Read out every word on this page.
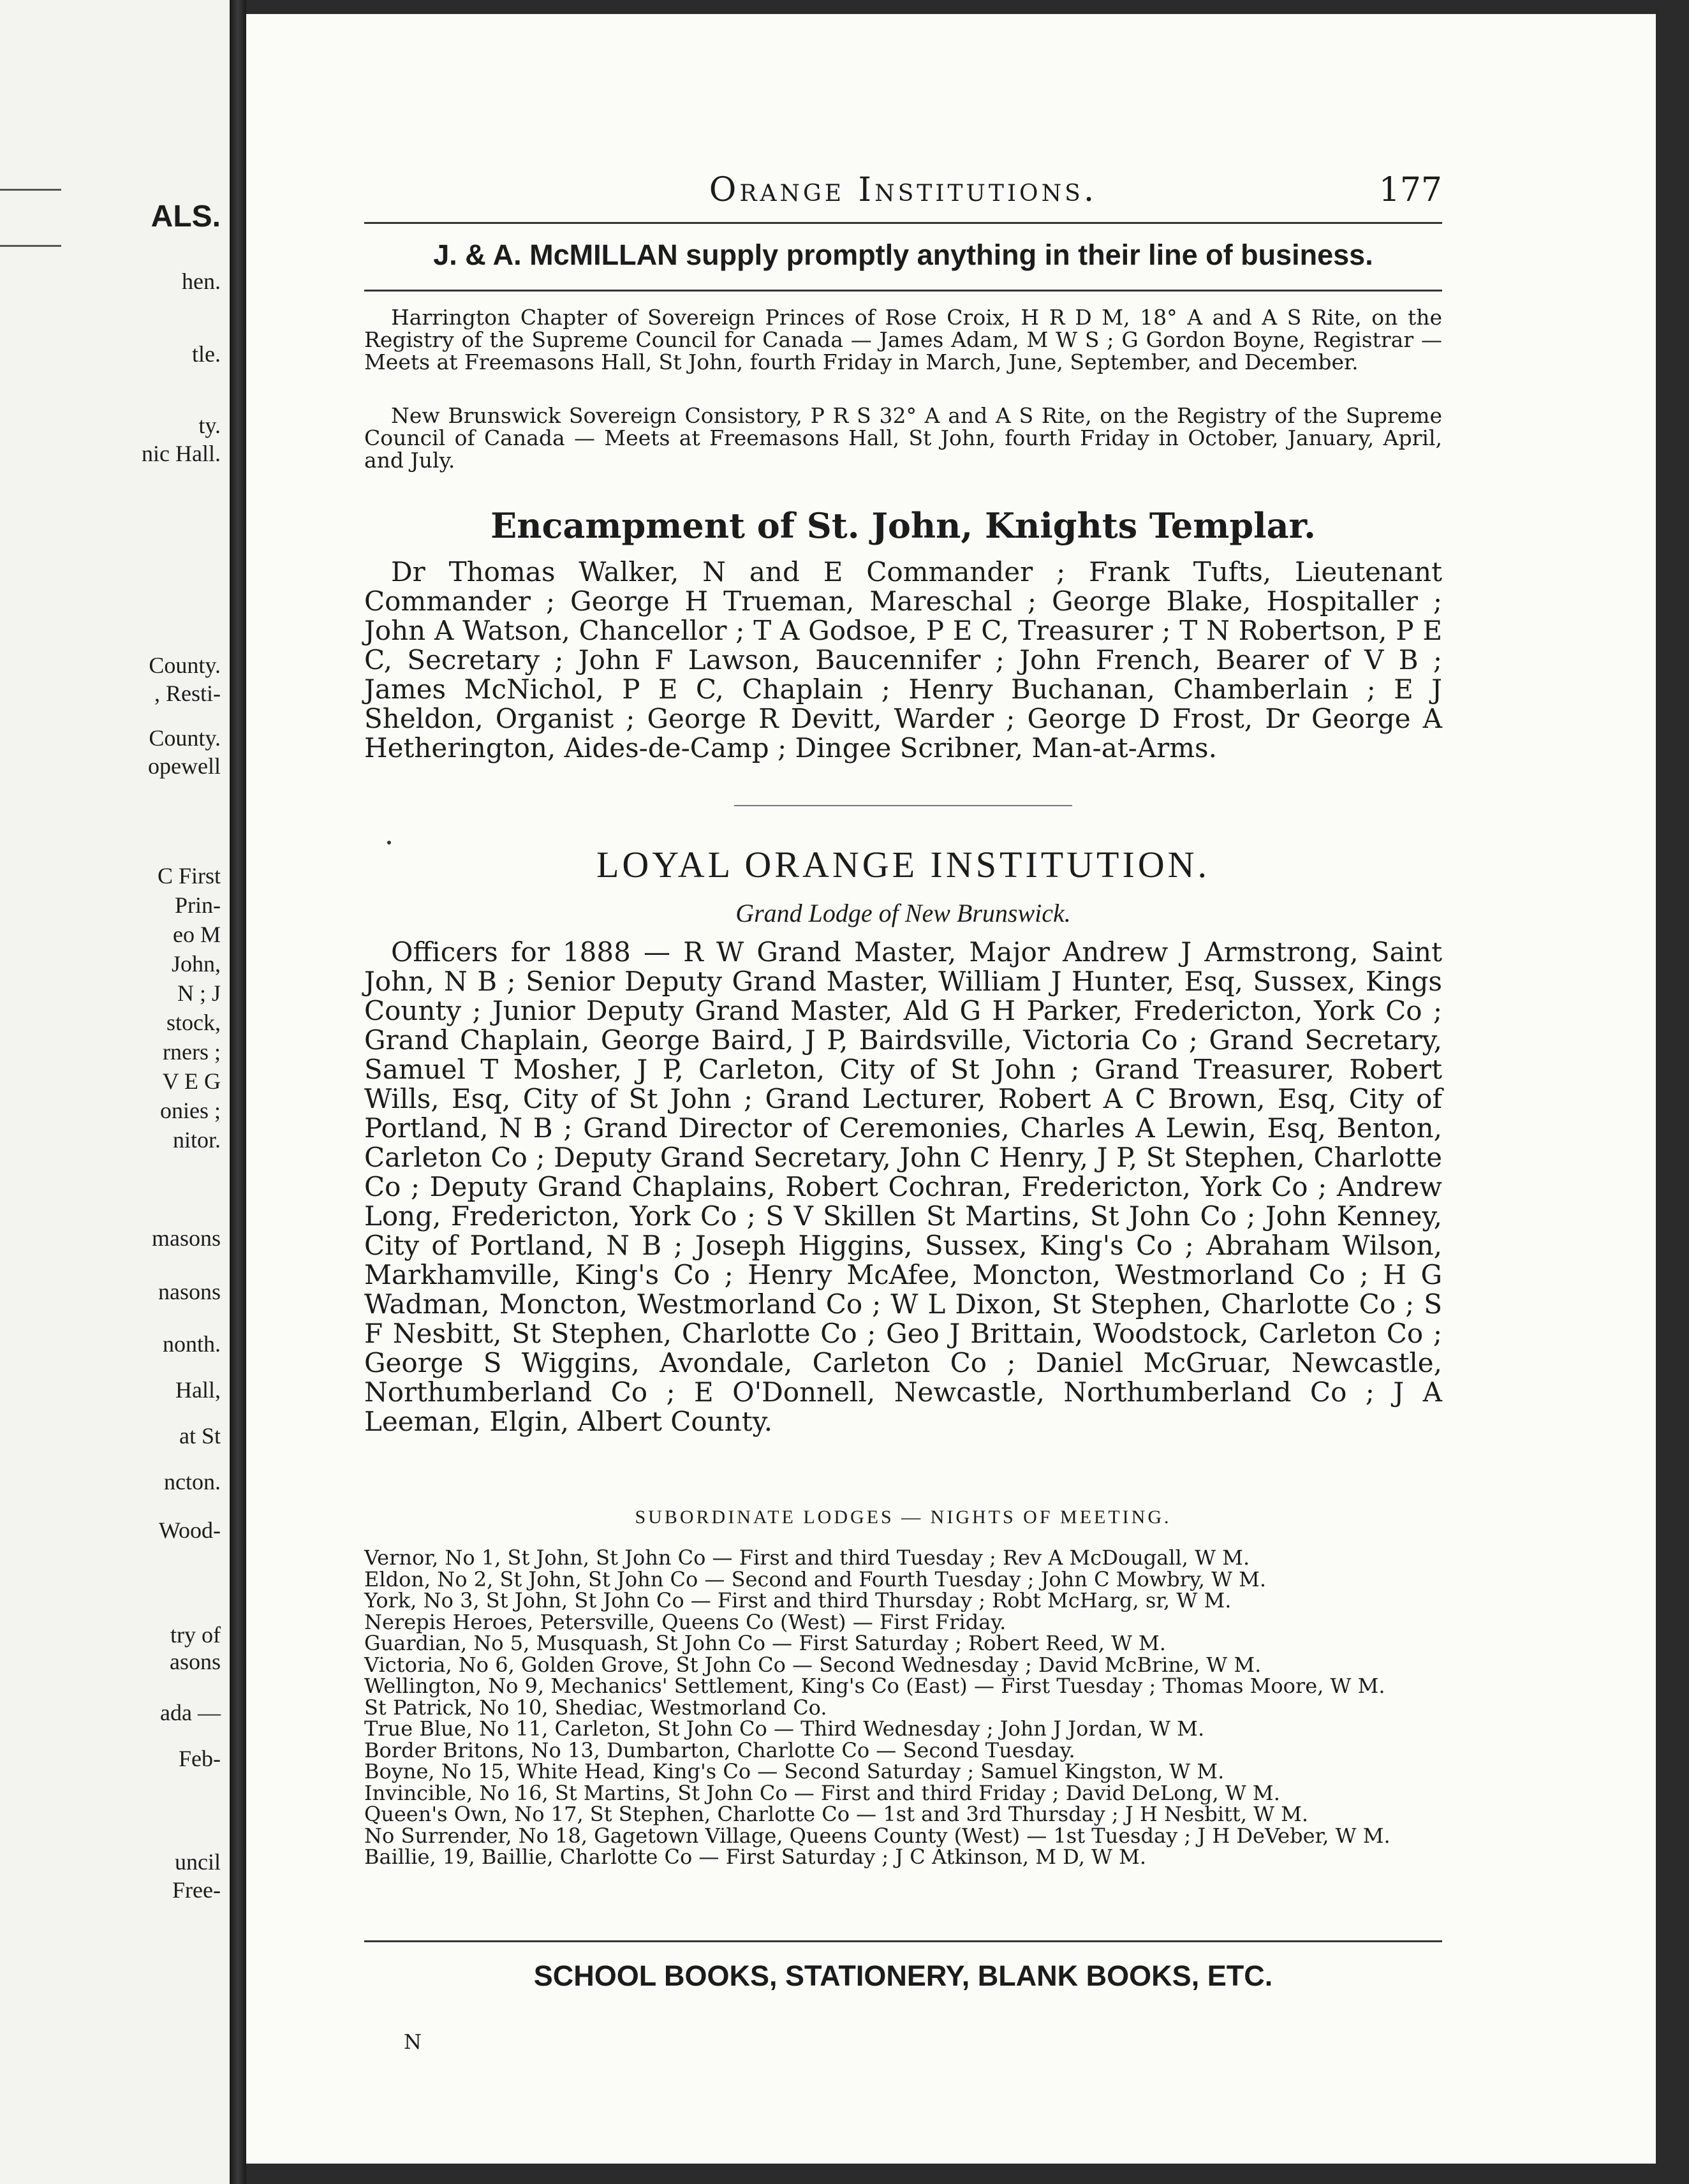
ALS.
hen.
tle.
ty.
nic Hall.
County.
, Resti-
County.
opewell
C First
Prin-
eo M
John,
N ; J
stock,
rners ;
V E G
onies ;
nitor.
masons
nasons
nonth.
Hall,
at St
ncton.
Wood-
try of
asons
ada —
Feb-
uncil
Free-
Orange Institutions.	177
J. & A. McMILLAN supply promptly anything in their line of business.
Harrington Chapter of Sovereign Princes of Rose Croix, H R D M, 18° A and A S Rite, on the Registry of the Supreme Council for Canada — James Adam, M W S ; G Gordon Boyne, Registrar — Meets at Freemasons Hall, St John, fourth Friday in March, June, September, and December.
New Brunswick Sovereign Consistory, P R S 32° A and A S Rite, on the Registry of the Supreme Council of Canada — Meets at Freemasons Hall, St John, fourth Friday in October, January, April, and July.
Encampment of St. John, Knights Templar.
Dr Thomas Walker, N and E Commander ; Frank Tufts, Lieutenant Commander ; George H Trueman, Mareschal ; George Blake, Hospitaller ; John A Watson, Chancellor ; T A Godsoe, P E C, Treasurer ; T N Robertson, P E C, Secretary ; John F Lawson, Baucennifer ; John French, Bearer of V B ; James McNichol, P E C, Chaplain ; Henry Buchanan, Chamberlain ; E J Sheldon, Organist ; George R Devitt, Warder ; George D Frost, Dr George A Hetherington, Aides-de-Camp ; Dingee Scribner, Man-at-Arms.
LOYAL ORANGE INSTITUTION.
Grand Lodge of New Brunswick.
Officers for 1888 — R W Grand Master, Major Andrew J Armstrong, Saint John, N B ; Senior Deputy Grand Master, William J Hunter, Esq, Sussex, Kings County ; Junior Deputy Grand Master, Ald G H Parker, Fredericton, York Co ; Grand Chaplain, George Baird, J P, Bairdsville, Victoria Co ; Grand Secretary, Samuel T Mosher, J P, Carleton, City of St John ; Grand Treasurer, Robert Wills, Esq, City of St John ; Grand Lecturer, Robert A C Brown, Esq, City of Portland, N B ; Grand Director of Ceremonies, Charles A Lewin, Esq, Benton, Carleton Co ; Deputy Grand Secretary, John C Henry, J P, St Stephen, Charlotte Co ; Deputy Grand Chaplains, Robert Cochran, Fredericton, York Co ; Andrew Long, Fredericton, York Co ; S V Skillen St Martins, St John Co ; John Kenney, City of Portland, N B ; Joseph Higgins, Sussex, King's Co ; Abraham Wilson, Markhamville, King's Co ; Henry McAfee, Moncton, Westmorland Co ; H G Wadman, Moncton, Westmorland Co ; W L Dixon, St Stephen, Charlotte Co ; S F Nesbitt, St Stephen, Charlotte Co ; Geo J Brittain, Woodstock, Carleton Co ; George S Wiggins, Avondale, Carleton Co ; Daniel McGruar, Newcastle, Northumberland Co ; E O'Donnell, Newcastle, Northumberland Co ; J A Leeman, Elgin, Albert County.
SUBORDINATE LODGES — NIGHTS OF MEETING.
Vernor, No 1, St John, St John Co — First and third Tuesday ; Rev A McDougall, W M.
Eldon, No 2, St John, St John Co — Second and Fourth Tuesday ; John C Mowbry, W M.
York, No 3, St John, St John Co — First and third Thursday ; Robt McHarg, sr, W M.
Nerepis Heroes, Petersville, Queens Co (West) — First Friday.
Guardian, No 5, Musquash, St John Co — First Saturday ; Robert Reed, W M.
Victoria, No 6, Golden Grove, St John Co — Second Wednesday ; David McBrine, W M.
Wellington, No 9, Mechanics' Settlement, King's Co (East) — First Tuesday ; Thomas Moore, W M.
St Patrick, No 10, Shediac, Westmorland Co.
True Blue, No 11, Carleton, St John Co — Third Wednesday ; John J Jordan, W M.
Border Britons, No 13, Dumbarton, Charlotte Co — Second Tuesday.
Boyne, No 15, White Head, King's Co — Second Saturday ; Samuel Kingston, W M.
Invincible, No 16, St Martins, St John Co — First and third Friday ; David DeLong, W M.
Queen's Own, No 17, St Stephen, Charlotte Co — 1st and 3rd Thursday ; J H Nesbitt, W M.
No Surrender, No 18, Gagetown Village, Queens County (West) — 1st Tuesday ; J H DeVeber, W M.
Baillie, 19, Baillie, Charlotte Co — First Saturday ; J C Atkinson, M D, W M.
SCHOOL BOOKS, STATIONERY, BLANK BOOKS, ETC.
N
